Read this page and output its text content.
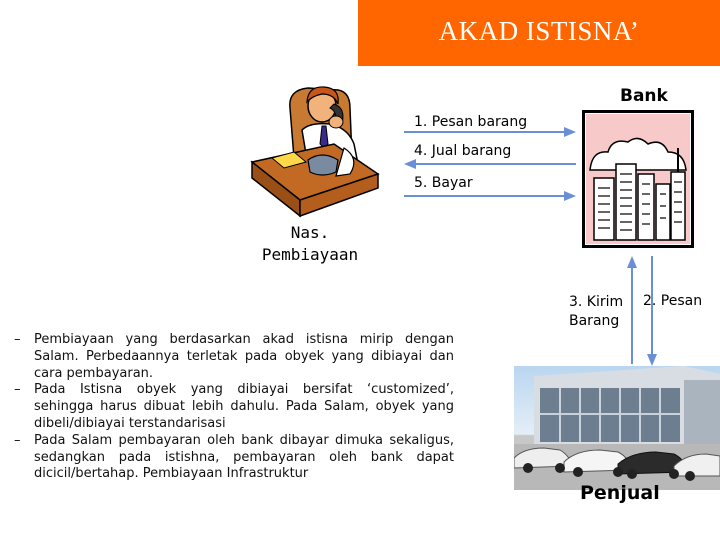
AKAD ISTISNA’
Bank
1. Pesan barang
4. Jual barang
5. Bayar
Nas.
Pembiayaan
3. Kirim
Barang
2. Pesan
– Pembiayaan yang berdasarkan akad istisna mirip dengan Salam. Perbedaannya terletak pada obyek yang dibiayai dan cara pembayaran.
– Pada Istisna obyek yang dibiayai bersifat ‘customized’, sehingga harus dibuat lebih dahulu. Pada Salam, obyek yang dibeli/dibiayai terstandarisasi
– Pada Salam pembayaran oleh bank dibayar dimuka sekaligus, sedangkan pada istishna, pembayaran oleh bank dapat dicicil/bertahap. Pembiayaan Infrastruktur
Penjual
